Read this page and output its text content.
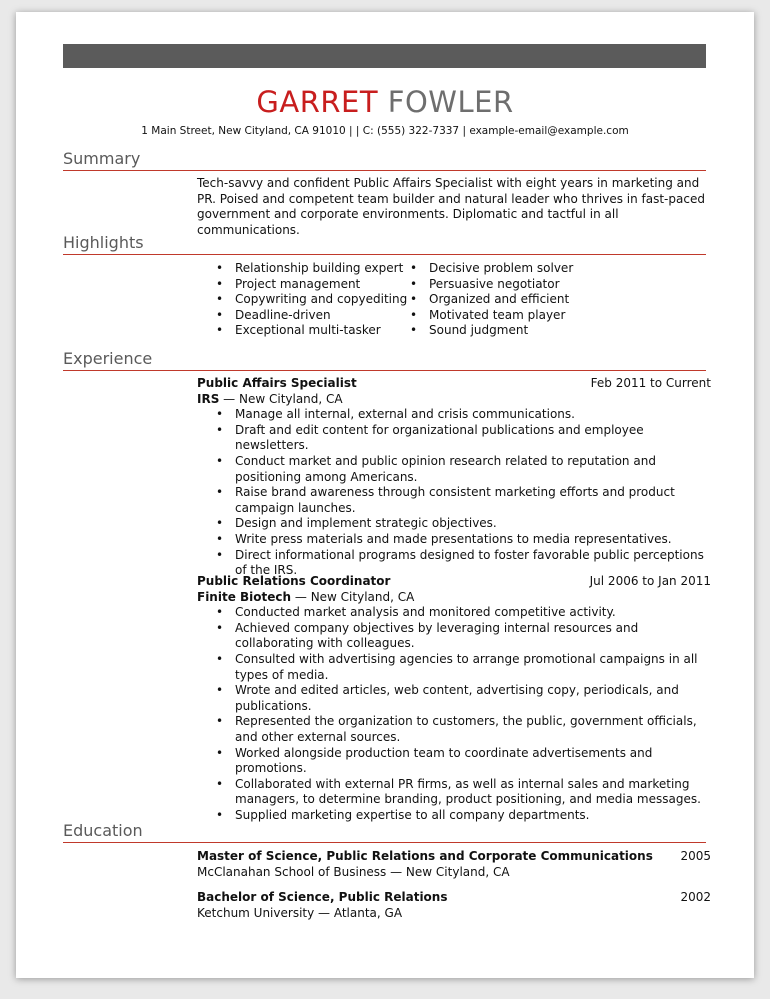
GARRET FOWLER
1 Main Street, New Cityland, CA 91010 | | C: (555) 322-7337 | example-email@example.com
Summary
Tech-savvy and confident Public Affairs Specialist with eight years in marketing and PR. Poised and competent team builder and natural leader who thrives in fast-paced government and corporate environments. Diplomatic and tactful in all communications.
Highlights
• Relationship building expert
• Project management
• Copywriting and copyediting
• Deadline-driven
• Exceptional multi-tasker
• Decisive problem solver
• Persuasive negotiator
• Organized and efficient
• Motivated team player
• Sound judgment
Experience
Public Affairs Specialist	Feb 2011 to Current
IRS — New Cityland, CA
• Manage all internal, external and crisis communications.
• Draft and edit content for organizational publications and employee newsletters.
• Conduct market and public opinion research related to reputation and positioning among Americans.
• Raise brand awareness through consistent marketing efforts and product campaign launches.
• Design and implement strategic objectives.
• Write press materials and made presentations to media representatives.
• Direct informational programs designed to foster favorable public perceptions of the IRS.
Public Relations Coordinator	Jul 2006 to Jan 2011
Finite Biotech — New Cityland, CA
• Conducted market analysis and monitored competitive activity.
• Achieved company objectives by leveraging internal resources and collaborating with colleagues.
• Consulted with advertising agencies to arrange promotional campaigns in all types of media.
• Wrote and edited articles, web content, advertising copy, periodicals, and publications.
• Represented the organization to customers, the public, government officials, and other external sources.
• Worked alongside production team to coordinate advertisements and promotions.
• Collaborated with external PR firms, as well as internal sales and marketing managers, to determine branding, product positioning, and media messages.
• Supplied marketing expertise to all company departments.
Education
Master of Science, Public Relations and Corporate Communications 2005
McClanahan School of Business — New Cityland, CA
Bachelor of Science, Public Relations	2002
Ketchum University — Atlanta, GA
